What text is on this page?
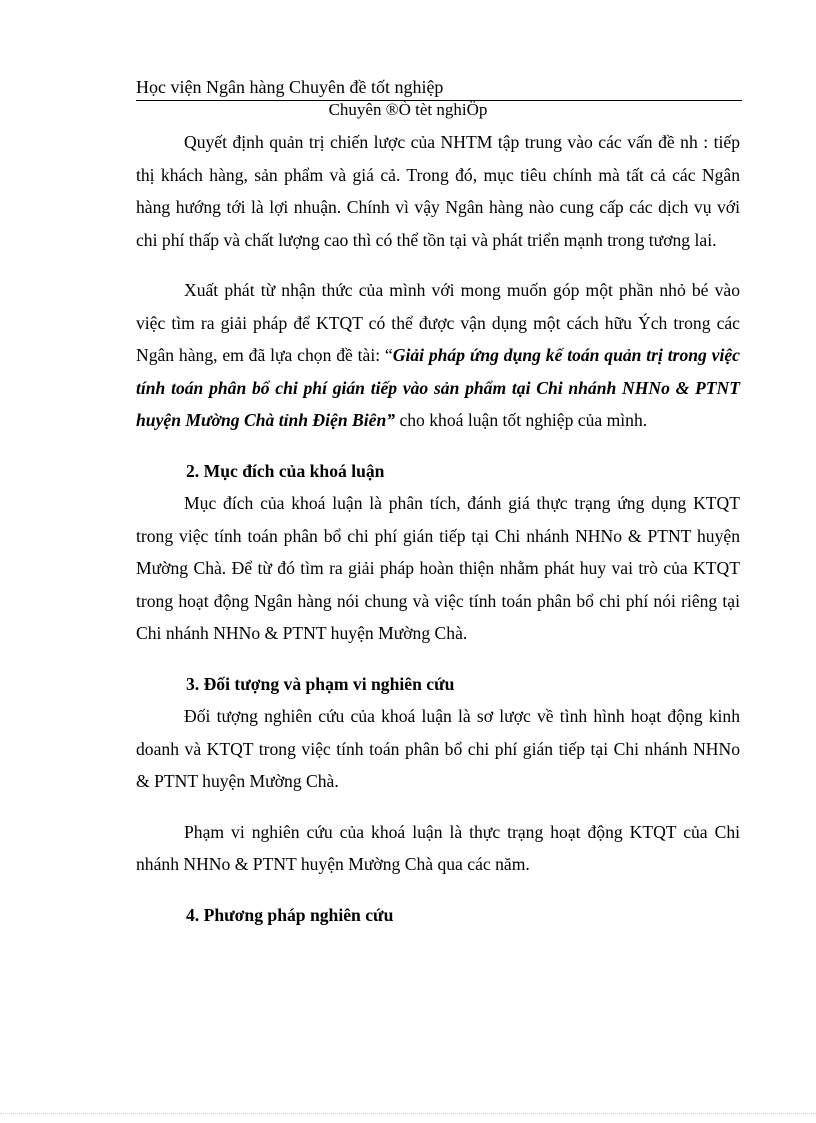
Học viện Ngân hàng Chuyên đề tốt nghiệp
Chuyên ®Ò tèt nghiÖp

Quyết định quản trị chiến lược của NHTM tập trung vào các vấn đề nh : tiếp thị khách hàng, sản phẩm và giá cả. Trong đó, mục tiêu chính mà tất cả các Ngân hàng hướng tới là lợi nhuận. Chính vì vậy Ngân hàng nào cung cấp các dịch vụ với chi phí thấp và chất lượng cao thì có thể tồn tại và phát triển mạnh trong tương lai.

Xuất phát từ nhận thức của mình với mong muốn góp một phần nhỏ bé vào việc tìm ra giải pháp để KTQT có thể được vận dụng một cách hữu Ých trong các Ngân hàng, em đã lựa chọn đề tài: “Giải pháp ứng dụng kế toán quản trị trong việc tính toán phân bổ chi phí gián tiếp vào sản phẩm tại Chi nhánh NHNo & PTNT huyện Mường Chà tỉnh Điện Biên” cho khoá luận tốt nghiệp của mình.

2. Mục đích của khoá luận

Mục đích của khoá luận là phân tích, đánh giá thực trạng ứng dụng KTQT trong việc tính toán phân bổ chi phí gián tiếp tại Chi nhánh NHNo & PTNT huyện Mường Chà. Để từ đó tìm ra giải pháp hoàn thiện nhằm phát huy vai trò của KTQT trong hoạt động Ngân hàng nói chung và việc tính toán phân bổ chi phí nói riêng tại Chi nhánh NHNo & PTNT huyện Mường Chà.

3. Đối tượng và phạm vi nghiên cứu

Đối tượng nghiên cứu của khoá luận là sơ lược về tình hình hoạt động kinh doanh và KTQT trong việc tính toán phân bổ chi phí gián tiếp tại Chi nhánh NHNo & PTNT huyện Mường Chà.

Phạm vi nghiên cứu của khoá luận là thực trạng hoạt động KTQT của Chi nhánh NHNo & PTNT huyện Mường Chà qua các năm.

4. Phương pháp nghiên cứu
